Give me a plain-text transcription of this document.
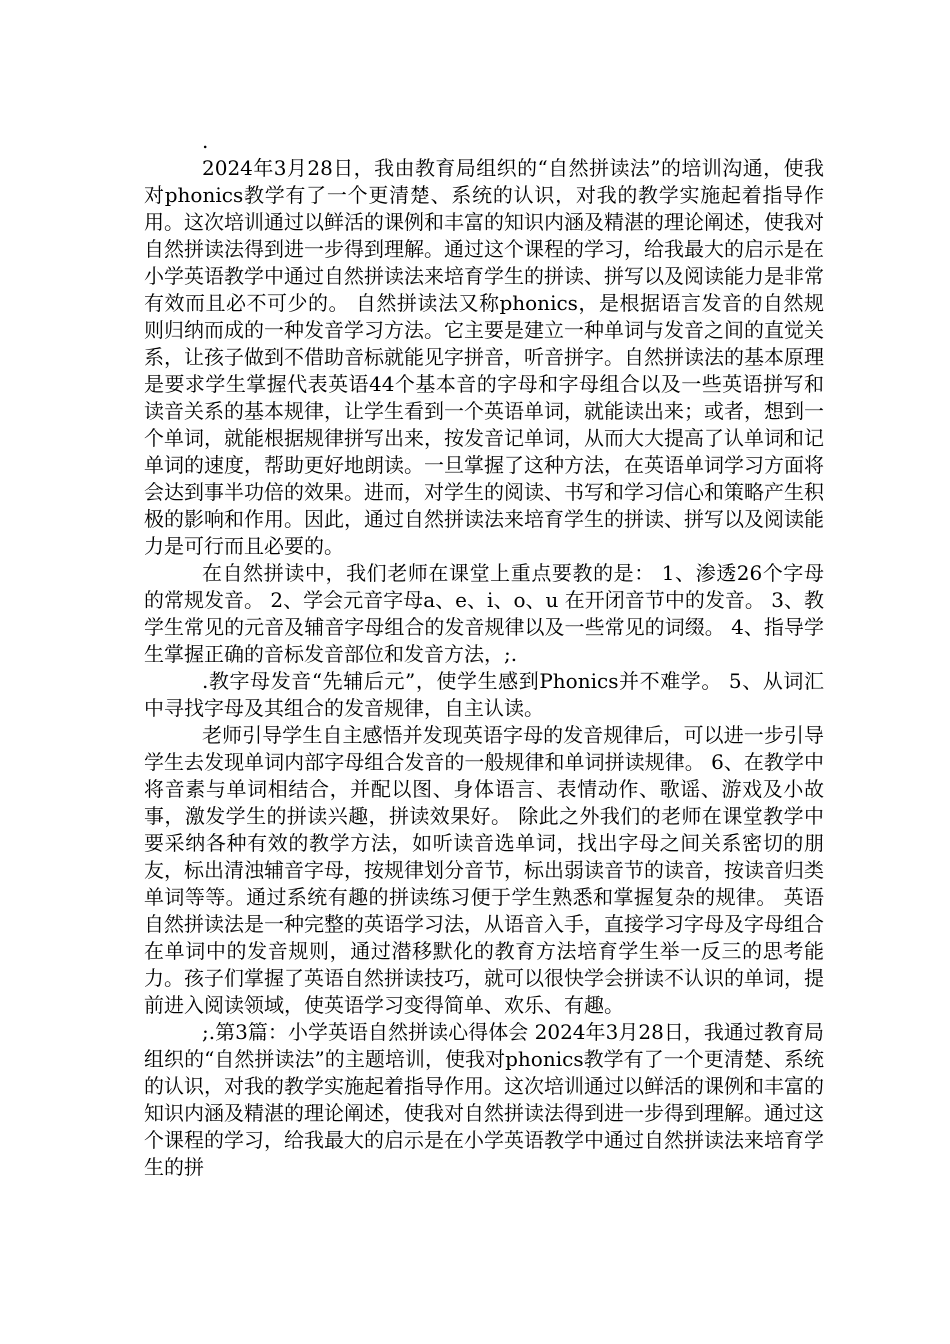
.

2024年3月28日，我由教育局组织的“自然拼读法”的培训沟通，使我对phonics教学有了一个更清楚、系统的认识，对我的教学实施起着指导作用。这次培训通过以鲜活的课例和丰富的知识内涵及精湛的理论阐述，使我对自然拼读法得到进一步得到理解。通过这个课程的学习，给我最大的启示是在小学英语教学中通过自然拼读法来培育学生的拼读、拼写以及阅读能力是非常有效而且必不可少的。 自然拼读法又称phonics，是根据语言发音的自然规则归纳而成的一种发音学习方法。它主要是建立一种单词与发音之间的直觉关系，让孩子做到不借助音标就能见字拼音，听音拼字。自然拼读法的基本原理是要求学生掌握代表英语44个基本音的字母和字母组合以及一些英语拼写和读音关系的基本规律，让学生看到一个英语单词，就能读出来；或者，想到一个单词，就能根据规律拼写出来，按发音记单词，从而大大提高了认单词和记单词的速度，帮助更好地朗读。一旦掌握了这种方法，在英语单词学习方面将会达到事半功倍的效果。进而，对学生的阅读、书写和学习信心和策略产生积极的影响和作用。因此，通过自然拼读法来培育学生的拼读、拼写以及阅读能力是可行而且必要的。

在自然拼读中，我们老师在课堂上重点要教的是： 1、渗透26个字母的常规发音。 2、学会元音字母a、e、i、o、u 在开闭音节中的发音。 3、教学生常见的元音及辅音字母组合的发音规律以及一些常见的词缀。 4、指导学生掌握正确的音标发音部位和发音方法，;.

.教字母发音“先辅后元”，使学生感到Phonics并不难学。 5、从词汇中寻找字母及其组合的发音规律，自主认读。

老师引导学生自主感悟并发现英语字母的发音规律后，可以进一步引导学生去发现单词内部字母组合发音的一般规律和单词拼读规律。 6、在教学中将音素与单词相结合，并配以图、身体语言、表情动作、歌谣、游戏及小故事，激发学生的拼读兴趣，拼读效果好。 除此之外我们的老师在课堂教学中要采纳各种有效的教学方法，如听读音选单词，找出字母之间关系密切的朋友，标出清浊辅音字母，按规律划分音节，标出弱读音节的读音，按读音归类单词等等。通过系统有趣的拼读练习便于学生熟悉和掌握复杂的规律。 英语自然拼读法是一种完整的英语学习法，从语音入手，直接学习字母及字母组合在单词中的发音规则，通过潜移默化的教育方法培育学生举一反三的思考能力。孩子们掌握了英语自然拼读技巧，就可以很快学会拼读不认识的单词，提前进入阅读领域，使英语学习变得简单、欢乐、有趣。

;.第3篇：小学英语自然拼读心得体会 2024年3月28日，我通过教育局组织的“自然拼读法”的主题培训，使我对phonics教学有了一个更清楚、系统的认识，对我的教学实施起着指导作用。这次培训通过以鲜活的课例和丰富的知识内涵及精湛的理论阐述，使我对自然拼读法得到进一步得到理解。通过这个课程的学习，给我最大的启示是在小学英语教学中通过自然拼读法来培育学生的拼
